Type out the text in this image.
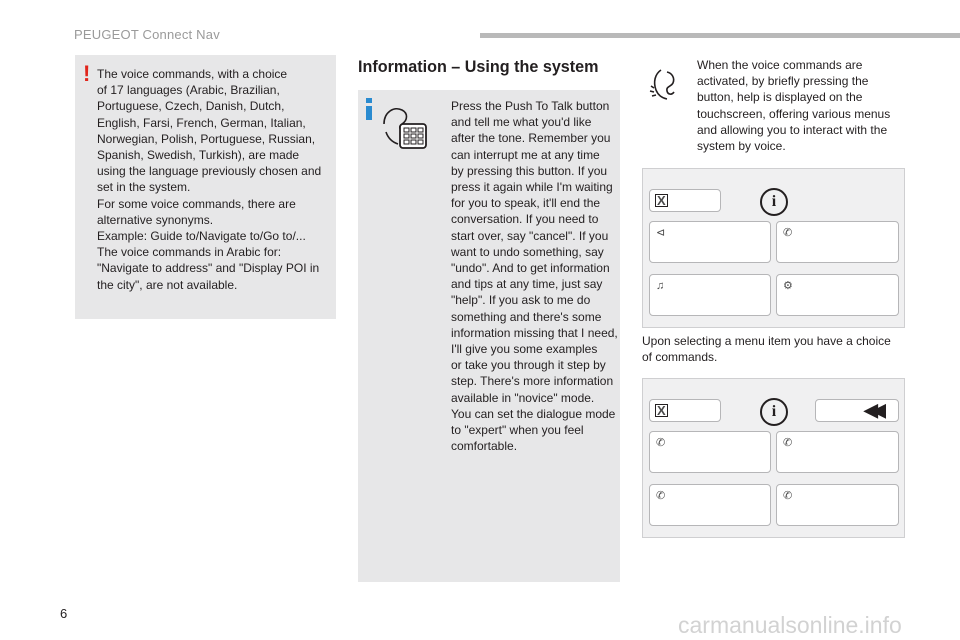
PEUGEOT Connect Nav
! The voice commands, with a choice
of 17 languages (Arabic, Brazilian,
Portuguese, Czech, Danish, Dutch,
English, Farsi, French, German, Italian,
Norwegian, Polish, Portuguese, Russian,
Spanish, Swedish, Turkish), are made
using the language previously chosen and
set in the system.
For some voice commands, there are
alternative synonyms.
Example: Guide to/Navigate to/Go to/...
The voice commands in Arabic for:
"Navigate to address" and "Display POI in
the city", are not available.
Information – Using the system
Press the Push To Talk button
and tell me what you'd like
after the tone. Remember you
can interrupt me at any time
by pressing this button. If you
press it again while I'm waiting
for you to speak, it'll end the
conversation. If you need to
start over, say "cancel". If you
want to undo something, say
"undo". And to get information
and tips at any time, just say
"help". If you ask to me do
something and there's some
information missing that I need,
I'll give you some examples
or take you through it step by
step. There's more information
available in "novice" mode.
You can set the dialogue mode
to "expert" when you feel
comfortable.
When the voice commands are
activated, by briefly pressing the
button, help is displayed on the
touchscreen, offering various menus
and allowing you to interact with the
system by voice.
X	i
⊲	✆
♫	⚙
Upon selecting a menu item you have a choice
of commands.
X	i	◀◀
✆	✆
✆	✆
6	carmanualsonline.info
